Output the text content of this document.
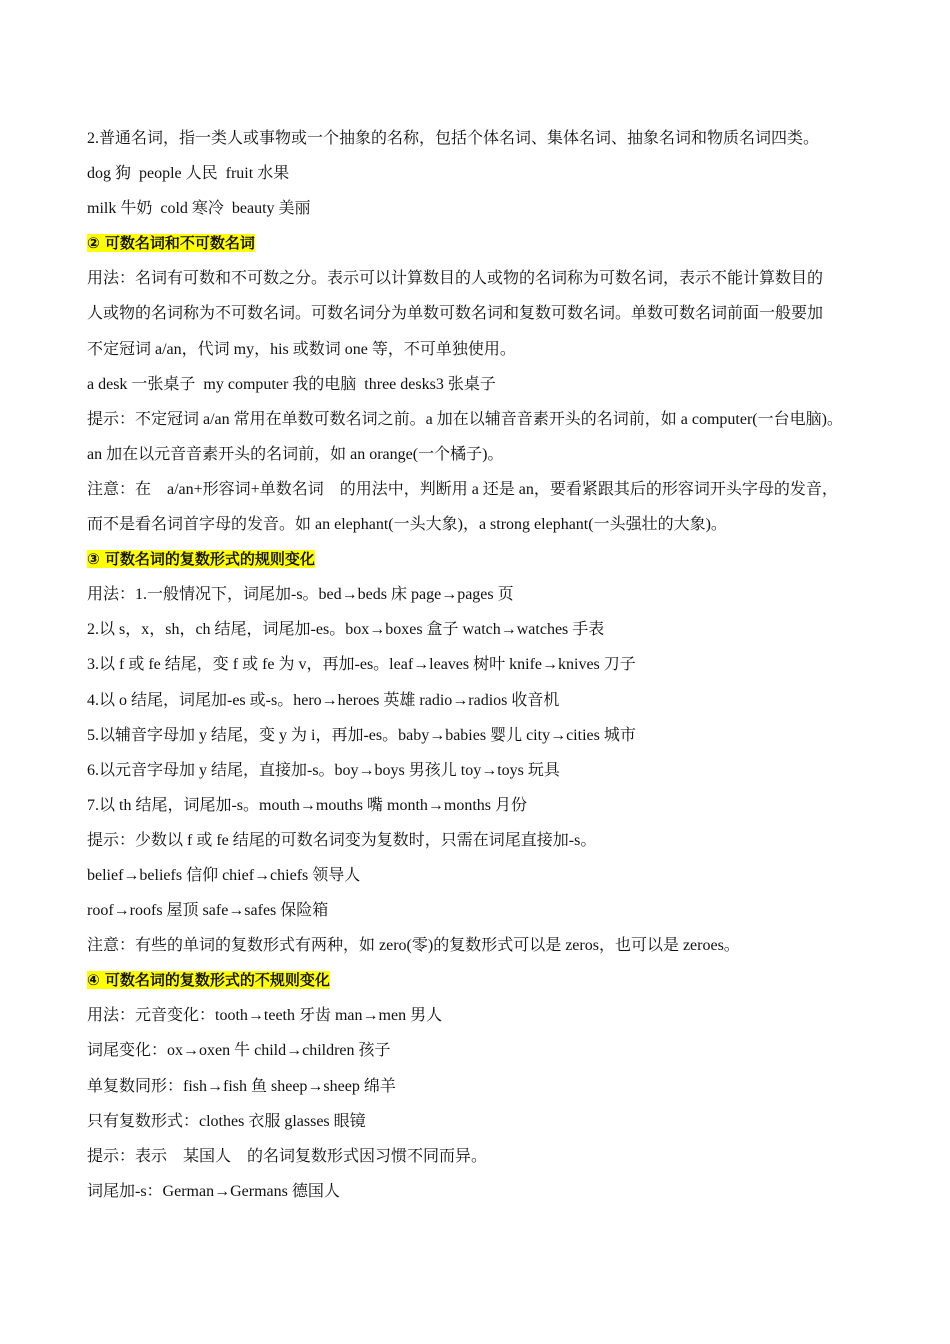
2.普通名词，指一类人或事物或一个抽象的名称，包括个体名词、集体名词、抽象名词和物质名词四类。
dog 狗  people 人民  fruit 水果
milk 牛奶  cold 寒冷  beauty 美丽
② 可数名词和不可数名词
用法：名词有可数和不可数之分。表示可以计算数目的人或物的名词称为可数名词，表示不能计算数目的
人或物的名词称为不可数名词。可数名词分为单数可数名词和复数可数名词。单数可数名词前面一般要加
不定冠词 a/an，代词 my，his 或数词 one 等，不可单独使用。
a desk 一张桌子  my computer 我的电脑  three desks3 张桌子
提示：不定冠词 a/an 常用在单数可数名词之前。a 加在以辅音音素开头的名词前，如 a computer(一台电脑)。
an 加在以元音音素开头的名词前，如 an orange(一个橘子)。
注意：在　a/an+形容词+单数名词　的用法中，判断用 a 还是 an，要看紧跟其后的形容词开头字母的发音，
而不是看名词首字母的发音。如 an elephant(一头大象)，a strong elephant(一头强壮的大象)。
③ 可数名词的复数形式的规则变化
用法：1.一般情况下，词尾加-s。bed→beds 床 page→pages 页
2.以 s，x，sh，ch 结尾，词尾加-es。box→boxes 盒子 watch→watches 手表
3.以 f 或 fe 结尾，变 f 或 fe 为 v，再加-es。leaf→leaves 树叶 knife→knives 刀子
4.以 o 结尾，词尾加-es 或-s。hero→heroes 英雄 radio→radios 收音机
5.以辅音字母加 y 结尾，变 y 为 i，再加-es。baby→babies 婴儿 city→cities 城市
6.以元音字母加 y 结尾，直接加-s。boy→boys 男孩儿 toy→toys 玩具
7.以 th 结尾，词尾加-s。mouth→mouths 嘴 month→months 月份
提示：少数以 f 或 fe 结尾的可数名词变为复数时，只需在词尾直接加-s。
belief→beliefs 信仰 chief→chiefs 领导人
roof→roofs 屋顶 safe→safes 保险箱
注意：有些的单词的复数形式有两种，如 zero(零)的复数形式可以是 zeros，也可以是 zeroes。
④ 可数名词的复数形式的不规则变化
用法：元音变化：tooth→teeth 牙齿 man→men 男人
词尾变化：ox→oxen 牛 child→children 孩子
单复数同形：fish→fish 鱼 sheep→sheep 绵羊
只有复数形式：clothes 衣服 glasses 眼镜
提示：表示　某国人　的名词复数形式因习惯不同而异。
词尾加-s：German→Germans 德国人
